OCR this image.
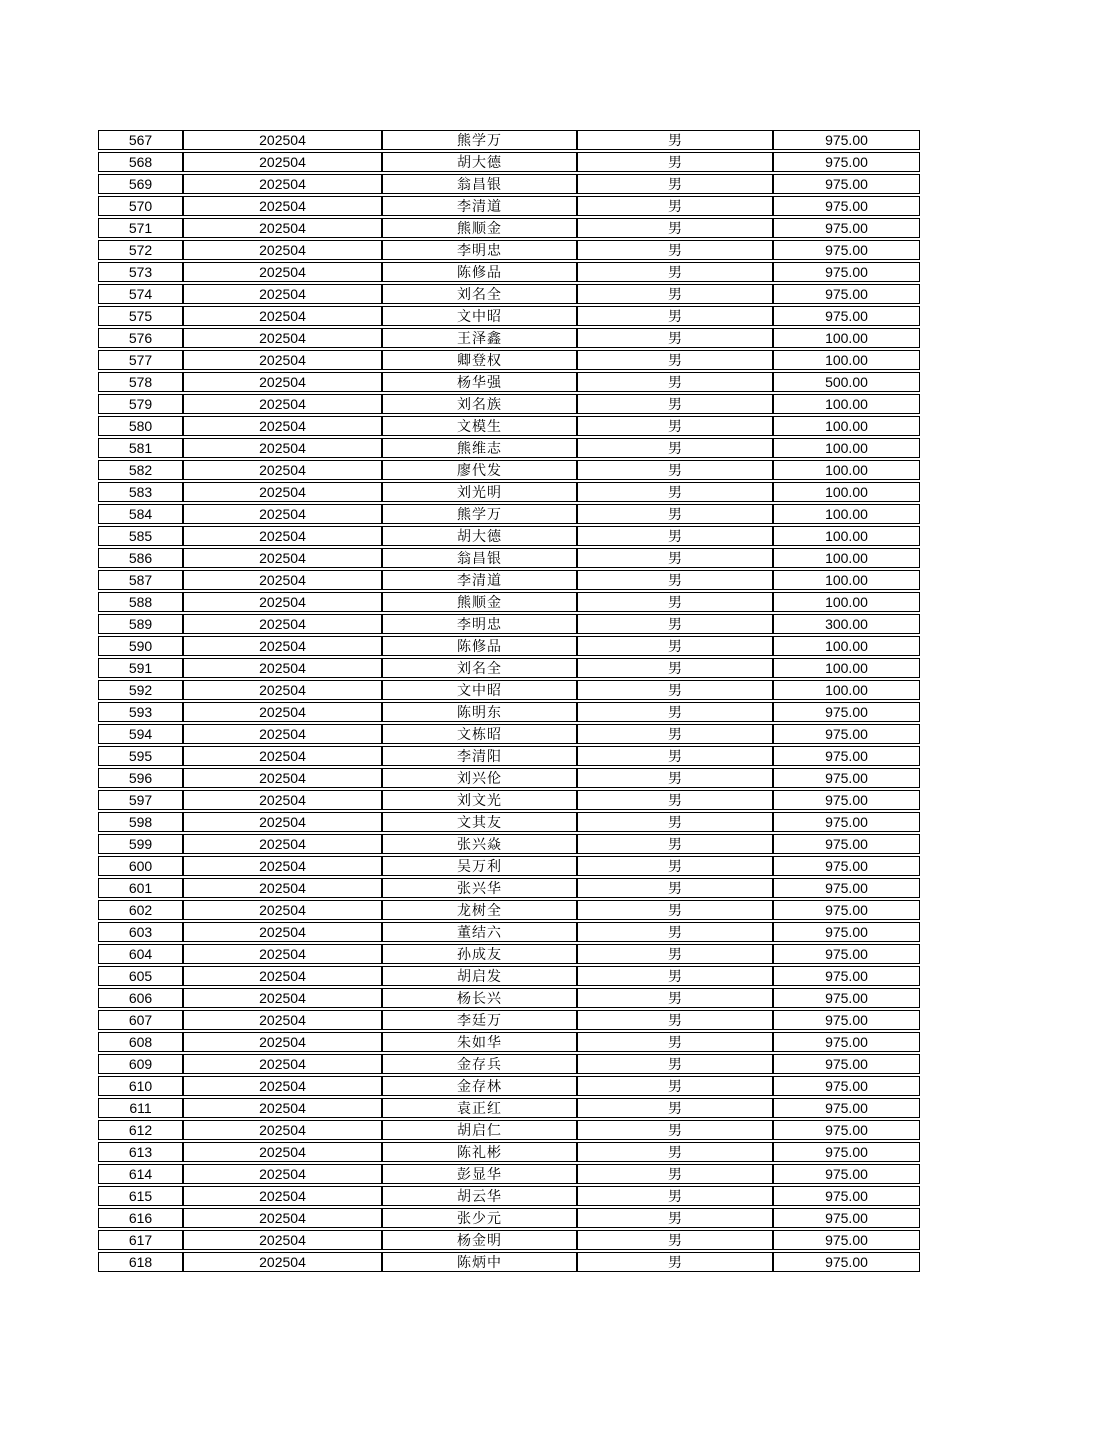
567	202504	熊学万	男	975.00
568	202504	胡大德	男	975.00
569	202504	翁昌银	男	975.00
570	202504	李清道	男	975.00
571	202504	熊顺金	男	975.00
572	202504	李明忠	男	975.00
573	202504	陈修品	男	975.00
574	202504	刘名全	男	975.00
575	202504	文中昭	男	975.00
576	202504	王泽鑫	男	100.00
577	202504	卿登权	男	100.00
578	202504	杨华强	男	500.00
579	202504	刘名族	男	100.00
580	202504	文模生	男	100.00
581	202504	熊维志	男	100.00
582	202504	廖代发	男	100.00
583	202504	刘光明	男	100.00
584	202504	熊学万	男	100.00
585	202504	胡大德	男	100.00
586	202504	翁昌银	男	100.00
587	202504	李清道	男	100.00
588	202504	熊顺金	男	100.00
589	202504	李明忠	男	300.00
590	202504	陈修品	男	100.00
591	202504	刘名全	男	100.00
592	202504	文中昭	男	100.00
593	202504	陈明东	男	975.00
594	202504	文栋昭	男	975.00
595	202504	李清阳	男	975.00
596	202504	刘兴伦	男	975.00
597	202504	刘文光	男	975.00
598	202504	文其友	男	975.00
599	202504	张兴焱	男	975.00
600	202504	吴万利	男	975.00
601	202504	张兴华	男	975.00
602	202504	龙树全	男	975.00
603	202504	董结六	男	975.00
604	202504	孙成友	男	975.00
605	202504	胡启发	男	975.00
606	202504	杨长兴	男	975.00
607	202504	李廷万	男	975.00
608	202504	朱如华	男	975.00
609	202504	金存兵	男	975.00
610	202504	金存林	男	975.00
611	202504	袁正红	男	975.00
612	202504	胡启仁	男	975.00
613	202504	陈礼彬	男	975.00
614	202504	彭显华	男	975.00
615	202504	胡云华	男	975.00
616	202504	张少元	男	975.00
617	202504	杨金明	男	975.00
618	202504	陈炳中	男	975.00
